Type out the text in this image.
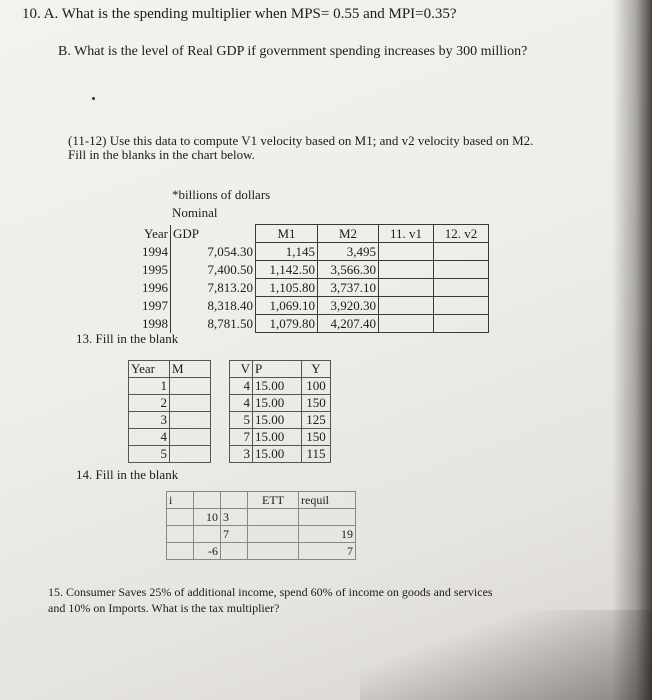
10. A. What is the spending multiplier when MPS= 0.55 and MPI=0.35?
B. What is the level of Real GDP if government spending increases by 300 million?
(11-12) Use this data to compute V1 velocity based on M1; and v2 velocity based on M2.
Fill in the blanks in the chart below.
*billions of dollars
Nominal
Year	GDP	M1	M2	11. v1	12. v2
1994	7,054.30	1,145	3,495		
1995	7,400.50	1,142.50	3,566.30		
1996	7,813.20	1,105.80	3,737.10		
1997	8,318.40	1,069.10	3,920.30		
1998	8,781.50	1,079.80	4,207.40		
13. Fill in the blank
Year	M		V	P	Y
1			4	15.00	100
2			4	15.00	150
3			5	15.00	125
4			7	15.00	150
5			3	15.00	115
14. Fill in the blank
i			ETT	requil
	10	3		
		7		19
	-6			7
15. Consumer Saves 25% of additional income, spend 60% of income on goods and services
and 10% on Imports. What is the tax multiplier?
